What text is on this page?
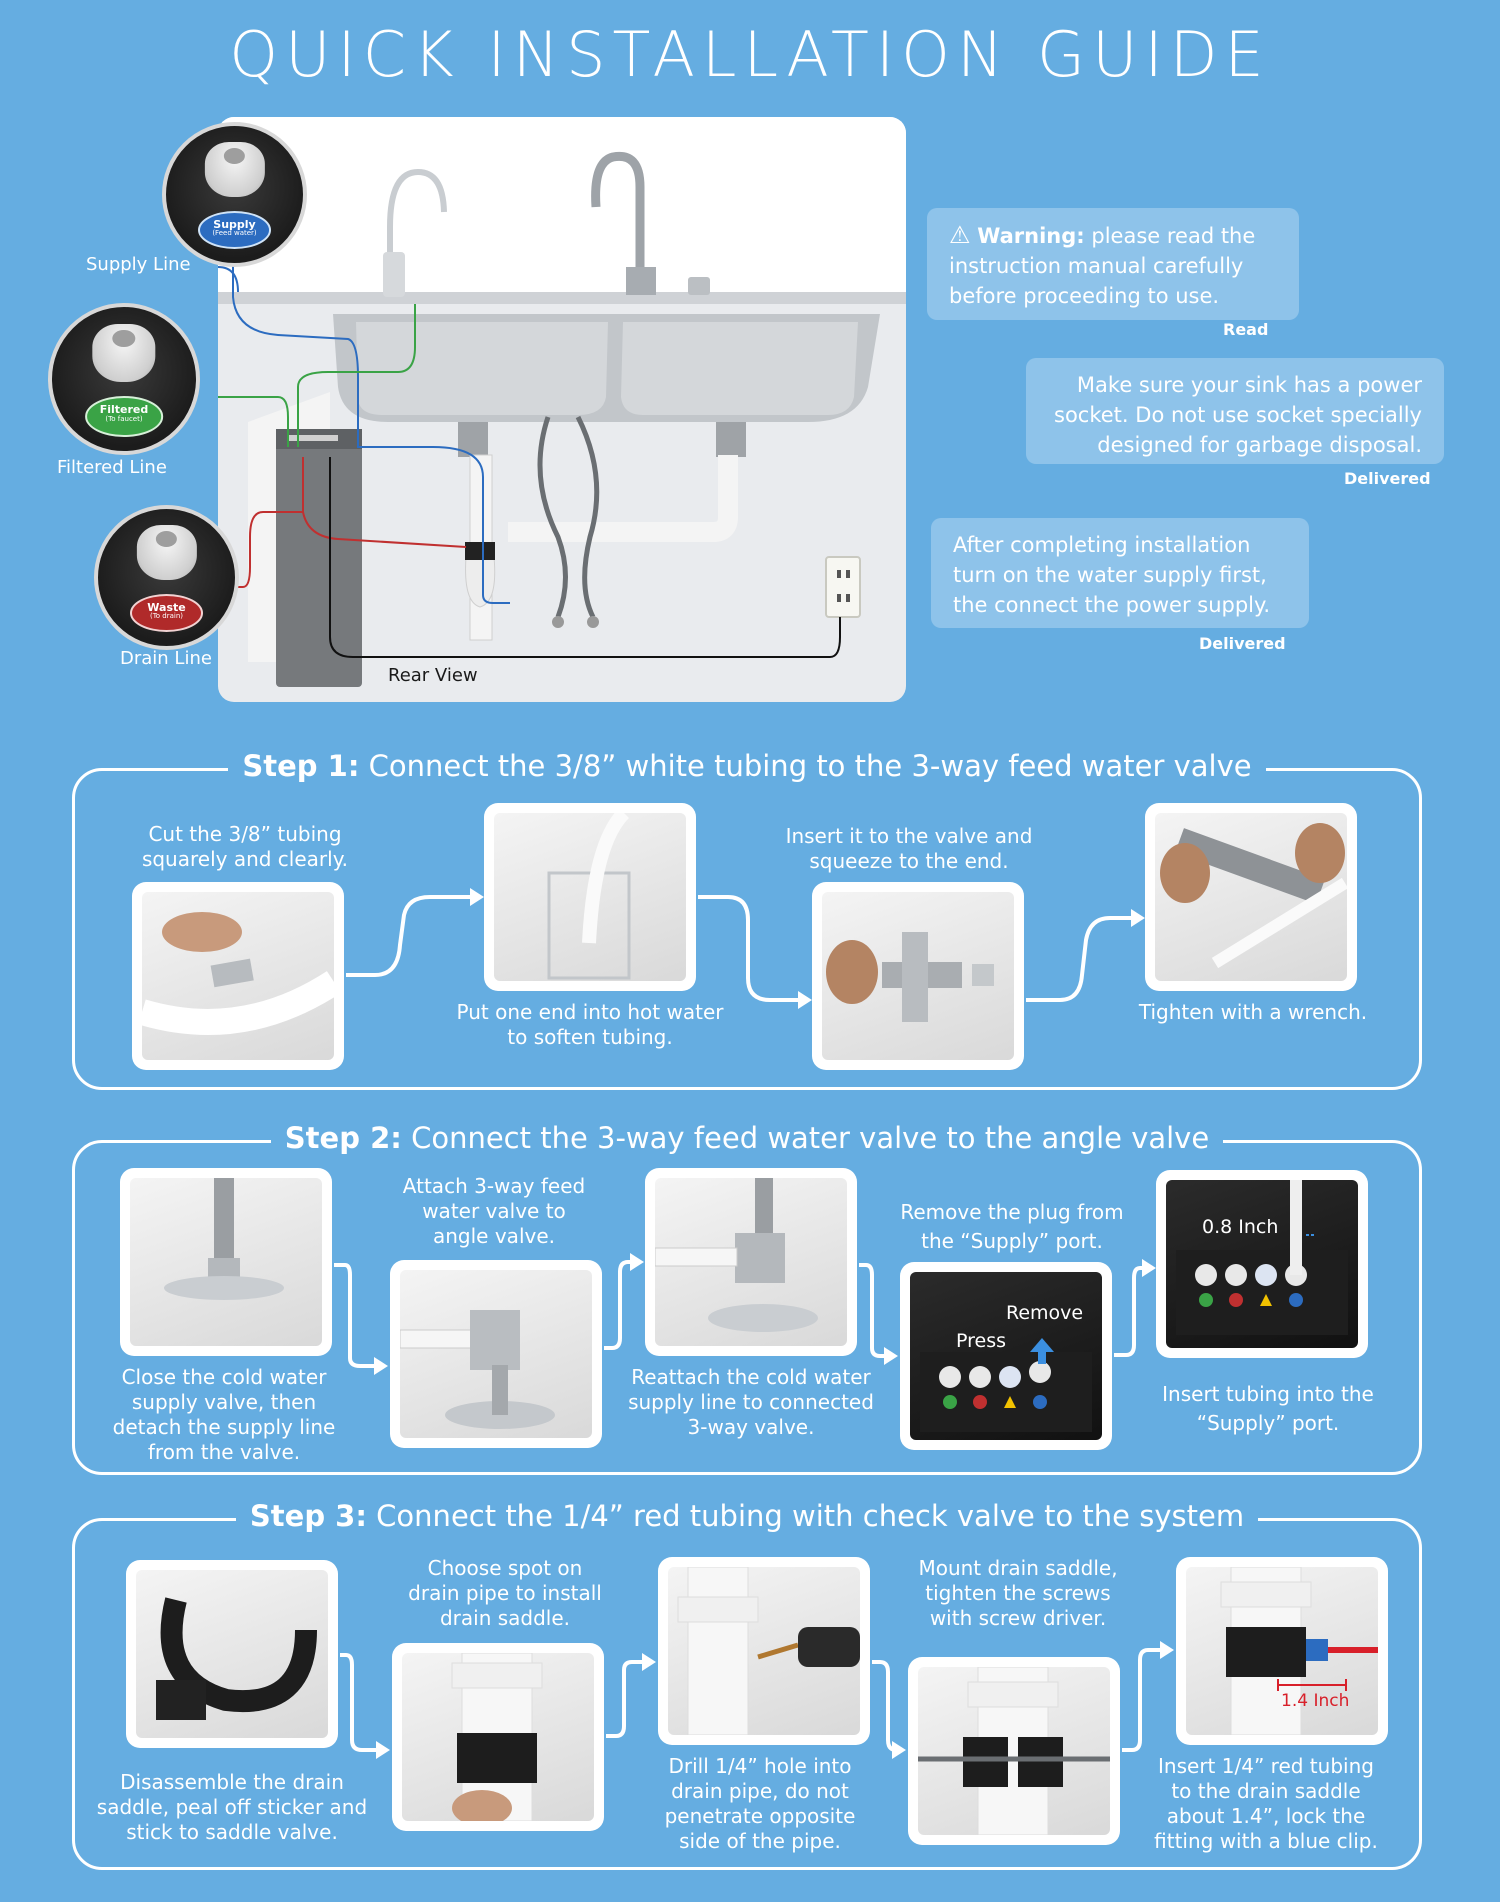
QUICK INSTALLATION GUIDE
Rear View
Supply
(Feed water)
Supply Line
Filtered
(To faucet)
Filtered Line
Waste
(To drain)
Drain Line
⚠ Warning: please read the instruction manual carefully before proceeding to use.
Read
Make sure your sink has a power socket. Do not use socket specially designed for garbage disposal.
Delivered
After completing installation turn on the water supply first, the connect the power supply.
Delivered
Step 1: Connect the 3/8” white tubing to the 3-way feed water valve
Cut the 3/8” tubing squarely and clearly.
Put one end into hot water to soften tubing.
Insert it to the valve and squeeze to the end.
Tighten with a wrench.
Step 2: Connect the 3-way feed water valve to the angle valve
Close the cold water supply valve, then detach the supply line from the valve.
Attach 3-way feed water valve to angle valve.
Reattach the cold water supply line to connected 3-way valve.
Remove the plug from the “Supply” port.
Remove
Press
0.8 Inch
Insert tubing into the “Supply” port.
Step 3: Connect the 1/4” red tubing with check valve to the system
Disassemble the drain saddle, peal off sticker and stick to saddle valve.
Choose spot on drain pipe to install drain saddle.
Drill 1/4” hole into drain pipe, do not penetrate opposite side of the pipe.
Mount drain saddle, tighten the screws with screw driver.
1.4 Inch
Insert 1/4” red tubing to the drain saddle about 1.4”, lock the fitting with a blue clip.
